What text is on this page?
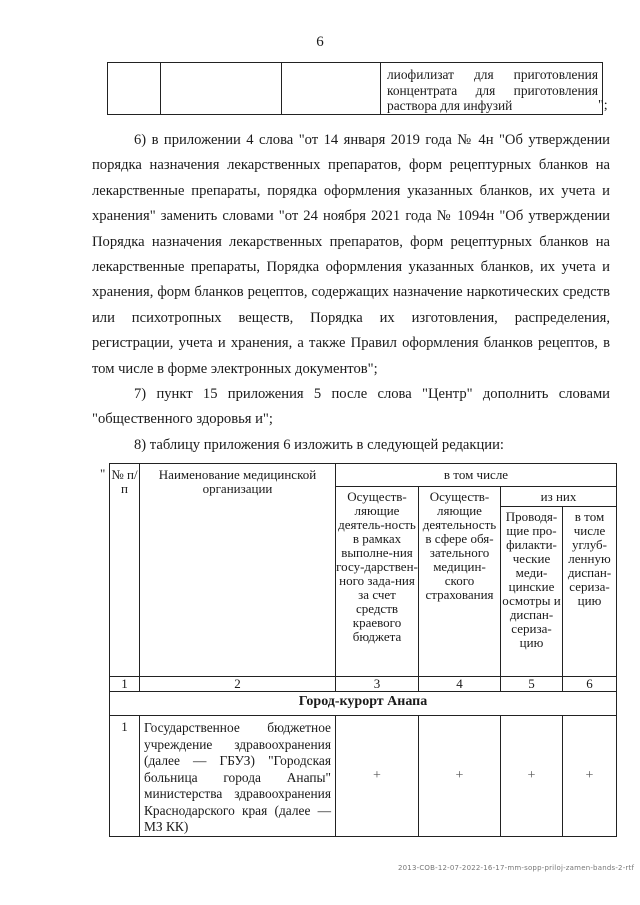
6
			лиофилизат для приготовления концентрата для приготовления раствора для инфузий	";

6) в приложении 4 слова "от 14 января 2019 года № 4н "Об утверждении порядка назначения лекарственных препаратов, форм рецептурных бланков на лекарственные препараты, порядка оформления указанных бланков, их учета и хранения" заменить словами "от 24 ноября 2021 года № 1094н "Об утверждении Порядка назначения лекарственных препаратов, форм рецептурных бланков на лекарственные препараты, Порядка оформления указанных бланков, их учета и хранения, форм бланков рецептов, содержащих назначение наркотических средств или психотропных веществ, Порядка их изготовления, распределения, регистрации, учета и хранения, а также Правил оформления бланков рецептов, в том числе в форме электронных документов";

7) пункт 15 приложения 5 после слова "Центр" дополнить словами "общественного здоровья и";

8) таблицу приложения 6 изложить в следующей редакции:

" № п/п	Наименование медицинской организации	в том числе			
		Осуществ-ляющие деятель-ность в рамках выполне-ния госу-дарствен-ного зада-ния за счет средств краевого бюджета	Осуществ-ляющие деятельность в сфере обя-зательного медицин-ского страхования	из них	
				Проводя-щие про-филакти-ческие меди-цинские осмотры и диспан-сериза-цию	в том числе углуб-ленную диспан-сериза-цию
1	2	3	4	5	6
Город-курорт Анапа					
1	Государственное бюджетное учреждение здравоохранения (далее — ГБУЗ) "Городская больница города Анапы" министерства здравоохранения Краснодарского края (далее — МЗ КК)	+	+	+	+
2013-COB-12-07-2022-16-17-mm-sopp-priloj-zamen-bands-2-rtf
